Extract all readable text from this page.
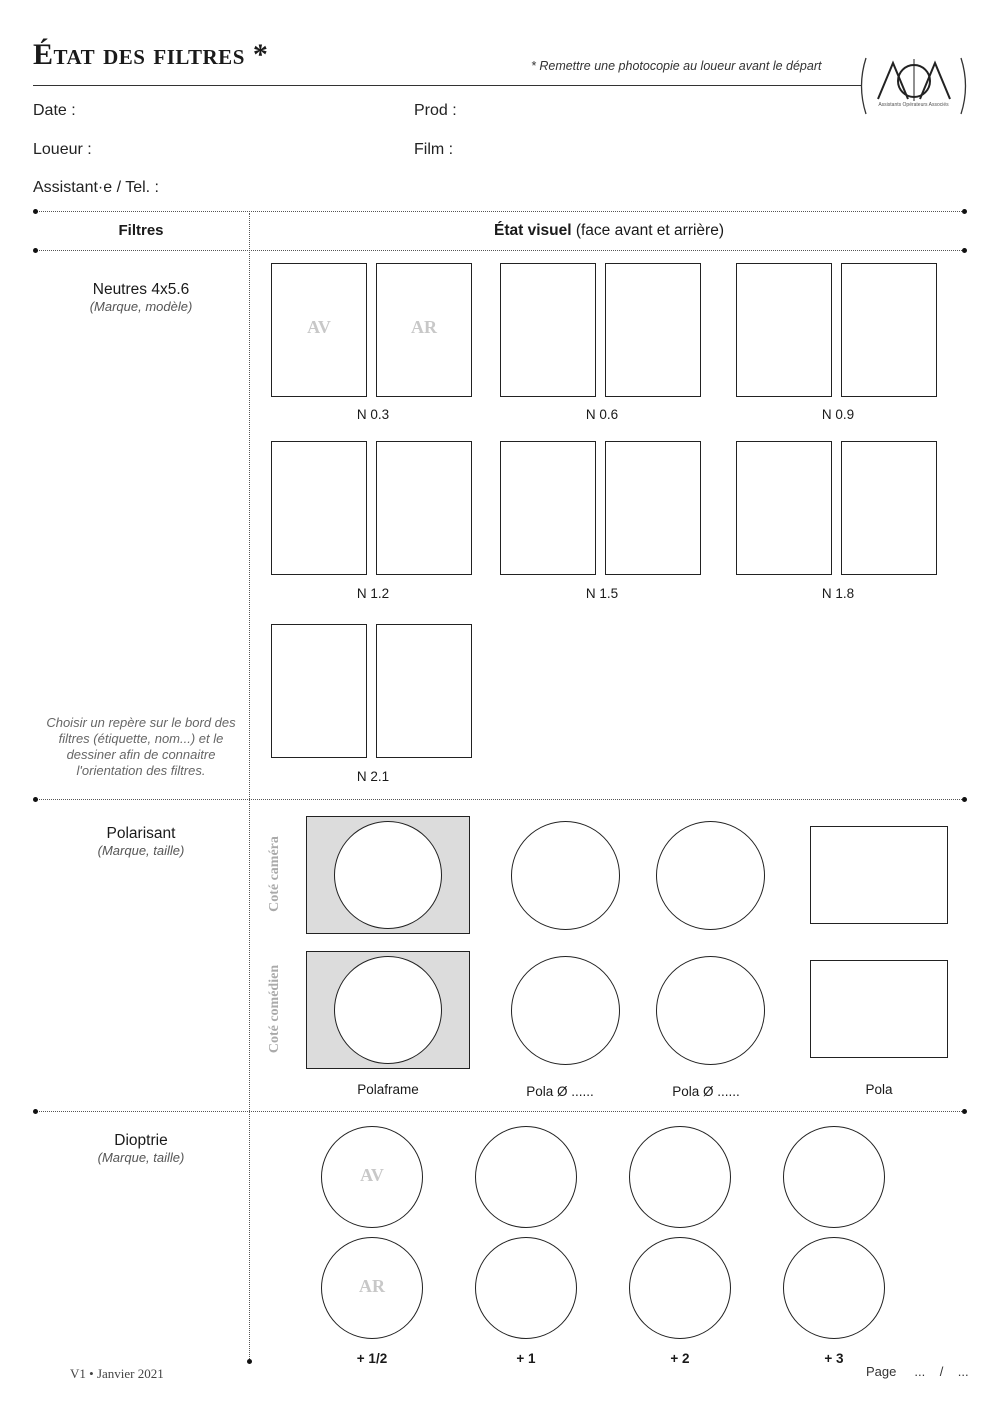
État des filtres *	* Remettre une photocopie au loueur avant le départ
Assistants Opérateurs Associés
Date :	Prod :
Loueur :	Film :
Assistant·e / Tel. :
Filtres	État visuel (face avant et arrière)
Neutres 4x5.6
(Marque, modèle)
Choisir un repère sur le bord des filtres (étiquette, nom...) et le dessiner afin de connaitre l'orientation des filtres.
AV	AR
N 0.3	N 0.6	N 0.9
N 1.2	N 1.5	N 1.8
N 2.1
Polarisant
(Marque, taille)	Coté caméra
Coté comédien
Polaframe	Pola Ø ......	Pola Ø ......	Pola
Dioptrie
(Marque, taille)
AV
AR
+ 1/2	+ 1	+ 2	+ 3
V1 • Janvier 2021	Page     ...    /    ...
